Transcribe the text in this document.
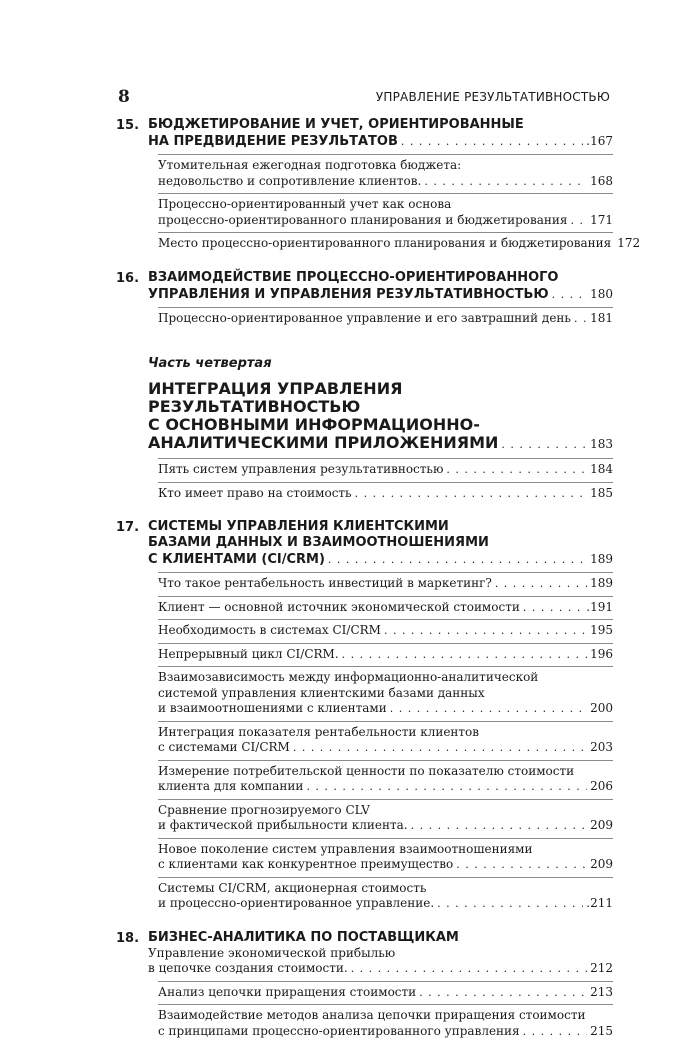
8	УПРАВЛЕНИЕ РЕЗУЛЬТАТИВНОСТЬЮ
15. БЮДЖЕТИРОВАНИЕ И УЧЕТ, ОРИЕНТИРОВАННЫЕ
НА ПРЕДВИДЕНИЕ РЕЗУЛЬТАТОВ . . .	.167
Утомительная ежегодная подготовка бюджета:
недовольство и сопротивление клиентов. . . .	168
Процессно-ориентированный учет как основа
процессно-ориентированного планирования и бюджетирования . . . 171
Место процессно-ориентированного планирования и бюджетирования 172
16. ВЗАИМОДЕЙСТВИЕ ПРОЦЕССНО-ОРИЕНТИРОВАННОГО
УПРАВЛЕНИЯ И УПРАВЛЕНИЯ РЕЗУЛЬТАТИВНОСТЬЮ . . .	180
Процессно-ориентированное управление и его завтрашний день . . . 181
Часть четвертая
ИНТЕГРАЦИЯ УПРАВЛЕНИЯ РЕЗУЛЬТАТИВНОСТЬЮ
С ОСНОВНЫМИ ИНФОРМАЦИОННО-
АНАЛИТИЧЕСКИМИ ПРИЛОЖЕНИЯМИ . . .	183
Пять систем управления результативностью . . .	184
Кто имеет право на стоимость . . .	185
17. СИСТЕМЫ УПРАВЛЕНИЯ КЛИЕНТСКИМИ
БАЗАМИ ДАННЫХ И ВЗАИМООТНОШЕНИЯМИ
С КЛИЕНТАМИ (CI/CRM) . . .	189
Что такое рентабельность инвестиций в маркетинг? . . .	189
Клиент — основной источник экономической стоимости . . .	.191
Необходимость в системах CI/CRM . . .	195
Непрерывный цикл CI/CRM. . . .	196
Взаимозависимость между информационно-аналитической
системой управления клиентскими базами данных
и взаимоотношениями с клиентами . . .	200
Интеграция показателя рентабельности клиентов
с системами CI/CRM . . .	203
Измерение потребительской ценности по показателю стоимости
клиента для компании . . .	206
Сравнение прогнозируемого CLV
и фактической прибыльности клиента. . . .	209
Новое поколение систем управления взаимоотношениями
с клиентами как конкурентное преимущество . . .	209
Системы CI/CRM, акционерная стоимость
и процессно-ориентированное управление. . . .	.211
18. БИЗНЕС-АНАЛИТИКА ПО ПОСТАВЩИКАМ
Управление экономической прибылью
в цепочке создания стоимости. . . .	212
Анализ цепочки приращения стоимости . . .	213
Взаимодействие методов анализа цепочки приращения стоимости
с принципами процессно-ориентированного управления . . .	215
